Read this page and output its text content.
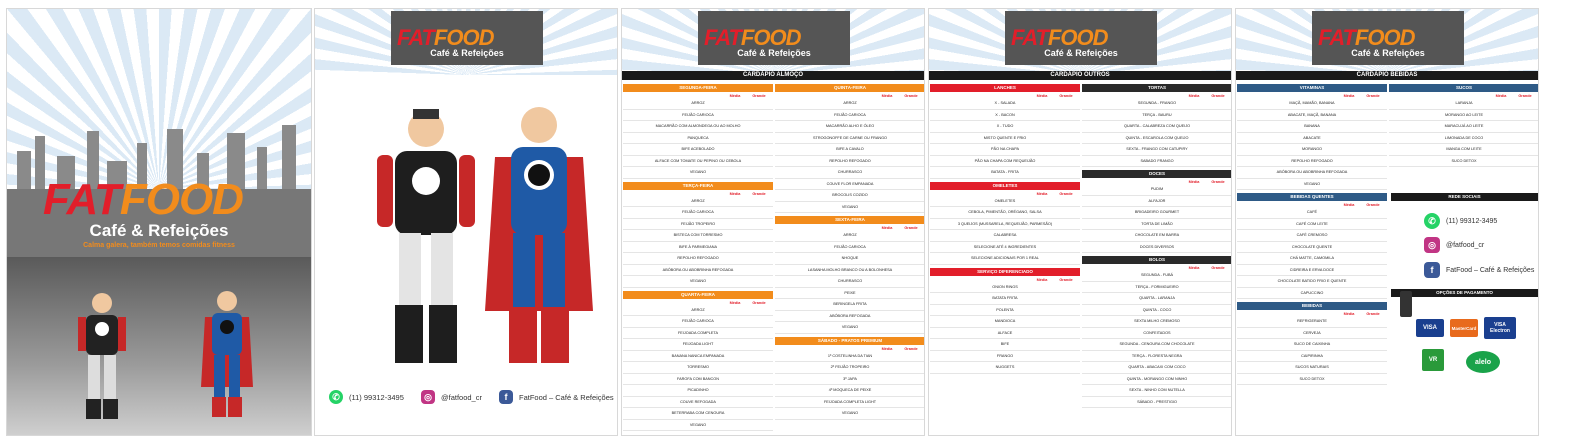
FATFOOD
Café & Refeições
Calma galera, também temos comidas fitness
FATFOOD
Café & Refeições
✆	(11) 99312-3495	◎	@fatfood_cr	f	FatFood – Café & Refeições
FATFOOD
Café & Refeições
CARDÁPIO ALMOÇO
SEGUNDA-FEIRA
Média	Grande
ARROZ
FEIJÃO CARIOCA
MACARRÃO COM ALMONDEGA OU AO MOLHO
PANQUECA
BIFE ACEBOLADO
ALFACE COM TOMATE OU PEPINO OU CEBOLA
VEGANO
TERÇA-FEIRA
Média	Grande
ARROZ
FEIJÃO CARIOCA
FEIJÃO TROPEIRO
BISTECA COM TORRESMO
BIFE À PARMEGIANA
REPOLHO REFOGADO
ABÓBORA OU ABOBRINHA REFOGADA
VEGANO
QUARTA-FEIRA
Média	Grande
ARROZ
FEIJÃO CARIOCA
FEIJOADA COMPLETA
FEIJOADA LIGHT
BANANA NANICA EMPANADA
TORRESMO
FAROFA COM BANCON
PICADINHO
COUVE REFOGADA
BETERRABA COM CENOURA
VEGANO
QUINTA-FEIRA
Média	Grande
ARROZ
FEIJÃO CARIOCA
MACARRÃO ALHO E ÓLEO
STROGONOFFE DE CARNE OU FRANGO
BIFE A CAVALO
REPOLHO REFOGADO
CHURRASCO
COUVE FLOR EMPANADA
BROCOLIS COZIDO
VEGANO
SEXTA-FEIRA
Média	Grande
ARROZ
FEIJÃO CARIOCA
NHOQUE
LASANHA MOLHO BRANCO OU A BOLONHESA
CHURRASCO
PEIXE
BERINGELA FRITA
ABÓBORA REFOGADA
VEGANO
SÁBADO - PRATOS PREMIUM
Média	Grande
1º COSTELINHA DA TIAN
2º FEIJÃO TROPEIRO
3º JAPA
4º MOQUECA DE PEIXE
FEIJOADA COMPLETA LIGHT
VEGANO
FATFOOD
Café & Refeições
CARDÁPIO OUTROS
LANCHES
Média	Grande
X - SALADA
X - BACON
X - TUDO
MISTO QUENTE E FRIO
PÃO NA CHAPA
PÃO NA CHAPA COM REQUEIJÃO
BATATA - FRITA
OMELETES
Média	Grande
OMELETES
CEBOLA, PIMENTÃO, ORÉGANO, SALSA
3 QUEIJOS (MUSSARELA, REQUEIJÃO, PARMESÃO)
CALABRESA
SELECIONE ATÉ 4 INGREDIENTES
SELECIONE ADICIONAIS POR 1 REAL
SERVIÇO DIFERENCIADO
Média	Grande
ONION RINGS
BATATA FRITA
POLENTA
MANDIOCA
ALFACE
BIFE
FRANGO
NUGGETS
TORTAS
Média	Grande
SEGUNDA - FRANGO
TERÇA - BAURU
QUARTA - CALABREZA COM QUEIJO
QUINTA - ESCAROLA COM QUEIJO
SEXTA - FRANGO COM CATUPIRY
SABADO FRANGO
DOCES
Média	Grande
PUDIM
ALFAJOR
BRIGADEIRO GOURMET
TORTA DE LIMÃO
CHOCOLATE EM BARRA
DOCES DIVERSOS
BOLOS
Média	Grande
SEGUNDA - FUBÁ
TERÇA - FORMIGUEIRO
QUARTA - LARANJA
QUINTA - COCO
SEXTA MILHO CREMOSO
CONFEITADOS
SEGUNDA - CENOURA COM CHOCOLATE
TERÇA - FLORESTA NEGRA
QUARTA - ABACAXI COM COCO
QUINTA - MORANGO COM NINHO
SEXTA - NINHO COM NUTELLA
SÁBADO - PRESTIGIO
FATFOOD
Café & Refeições
CARDÁPIO BEBIDAS
VITAMINAS
Média	Grande
MAÇÃ, MAMÃO, BANANA
ABACATE, MAÇÃ, BANANA
BANANA
ABACATE
MORANGO
REPOLHO REFOGADO
ABÓBORA OU ABOBRINHA REFOGADA
VEGANO
BEBIDAS QUENTES
Média	Grande
CAFÉ
CAFÉ COM LEITE
CAFÉ CREMOSO
CHOCOLATE QUENTE
CHÁ MATTE, CAMOMILA
CIDREIRA E ERVA DOCE
CHOCOLATE BATIDO FRIO E QUENTE
CAPUCCINO
BEBIDAS
Média	Grande
REFRIGERANTE
CERVEJA
SUCO DE CAIXINHA
CAIPIRINHA
SUCOS NATURAIS
SUCO DETOX
SUCOS
Média	Grande
LARANJA
MORANGO AO LEITE
MARACUJÁ AO LEITE
LIMONADA DE COCO
MANGA COM LEITE
SUCO DETOX
REDE SOCIAIS
✆	(11) 99312-3495
◎	@fatfood_cr
f	FatFood – Café & Refeições
OPÇÕES DE PAGAMENTO
VISA	MasterCard	VISA Electron
VR	alelo
